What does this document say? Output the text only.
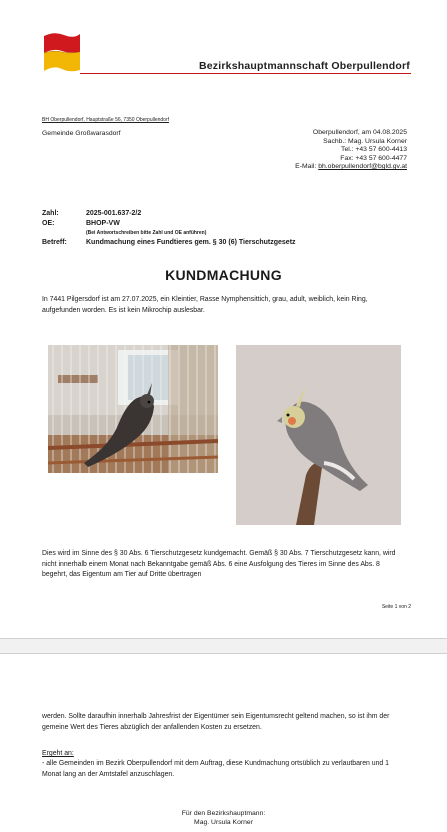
Bezirkshauptmannschaft Oberpullendorf
BH Oberpullendorf, Hauptstraße 56, 7350 Oberpullendorf
Gemeinde Großwarasdorf	Oberpullendorf, am 04.08.2025
Sachb.: Mag. Ursula Korner
Tel.: +43 57 600-4413
Fax: +43 57 600-4477
E-Mail: bh.oberpullendorf@bgld.gv.at
Zahl:	2025-001.637-2/2
OE:	BHOP-VW
(Bei Antwortschreiben bitte Zahl und OE anführen)
Betreff:	Kundmachung eines Fundtieres gem. § 30 (6) Tierschutzgesetz
KUNDMACHUNG
In 7441 Pilgersdorf ist am 27.07.2025, ein Kleintier, Rasse Nymphensittich, grau, adult, weiblich, kein Ring, aufgefunden worden. Es ist kein Mikrochip auslesbar.
Dies wird im Sinne des § 30 Abs. 6 Tierschutzgesetz kundgemacht. Gemäß § 30 Abs. 7 Tierschutzgesetz kann, wird nicht innerhalb einem Monat nach Bekanntgabe gemäß Abs. 6 eine Ausfolgung des Tieres im Sinne des Abs. 8 begehrt, das Eigentum am Tier auf Dritte übertragen
Seite 1 von 2
werden. Sollte daraufhin innerhalb Jahresfrist der Eigentümer sein Eigentumsrecht geltend machen, so ist ihm der gemeine Wert des Tieres abzüglich der anfallenden Kosten zu ersetzen.
Ergeht an:
- alle Gemeinden im Bezirk Oberpullendorf mit dem Auftrag, diese Kundmachung ortsüblich zu verlautbaren und 1 Monat lang an der Amtstafel anzuschlagen.
Für den Bezirkshauptmann:
Mag. Ursula Korner
